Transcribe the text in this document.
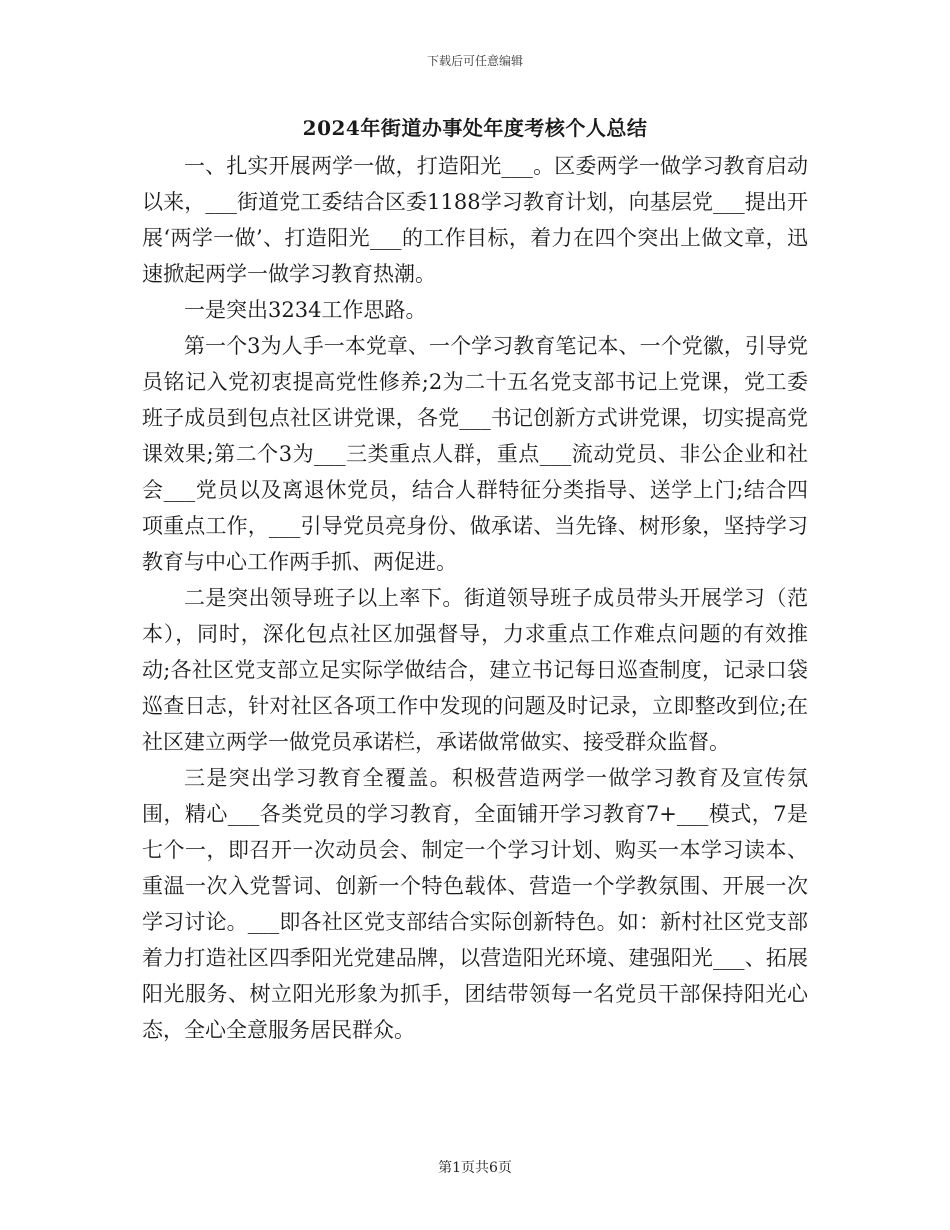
下载后可任意编辑
2024年街道办事处年度考核个人总结

一、扎实开展两学一做，打造阳光___。区委两学一做学习教育启动以来，___街道党工委结合区委1188学习教育计划，向基层党___提出开展‘两学一做’、打造阳光___的工作目标，着力在四个突出上做文章，迅速掀起两学一做学习教育热潮。

一是突出3234工作思路。

第一个3为人手一本党章、一个学习教育笔记本、一个党徽，引导党员铭记入党初衷提高党性修养;2为二十五名党支部书记上党课，党工委班子成员到包点社区讲党课，各党___书记创新方式讲党课，切实提高党课效果;第二个3为___三类重点人群，重点___流动党员、非公企业和社会___党员以及离退休党员，结合人群特征分类指导、送学上门;结合四项重点工作，___引导党员亮身份、做承诺、当先锋、树形象，坚持学习教育与中心工作两手抓、两促进。

二是突出领导班子以上率下。街道领导班子成员带头开展学习（范本），同时，深化包点社区加强督导，力求重点工作难点问题的有效推动;各社区党支部立足实际学做结合，建立书记每日巡查制度，记录口袋巡查日志，针对社区各项工作中发现的问题及时记录，立即整改到位;在社区建立两学一做党员承诺栏，承诺做常做实、接受群众监督。

三是突出学习教育全覆盖。积极营造两学一做学习教育及宣传氛围，精心___各类党员的学习教育，全面铺开学习教育7+___模式，7是七个一，即召开一次动员会、制定一个学习计划、购买一本学习读本、重温一次入党誓词、创新一个特色载体、营造一个学教氛围、开展一次学习讨论。___即各社区党支部结合实际创新特色。如：新村社区党支部着力打造社区四季阳光党建品牌，以营造阳光环境、建强阳光___、拓展阳光服务、树立阳光形象为抓手，团结带领每一名党员干部保持阳光心态，全心全意服务居民群众。

第1页共6页
